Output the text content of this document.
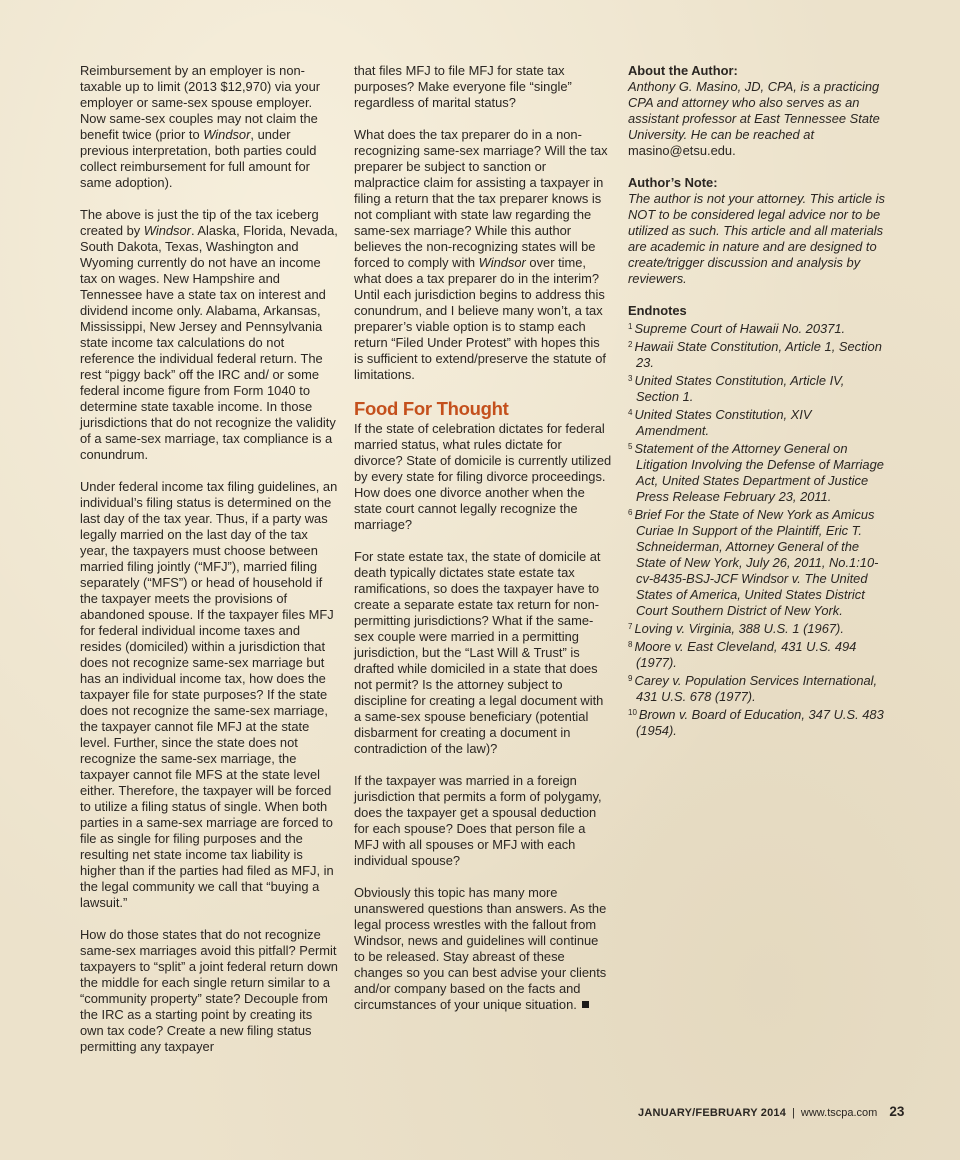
Reimbursement by an employer is non-taxable up to limit (2013 $12,970) via your employer or same-sex spouse employer. Now same-sex couples may not claim the benefit twice (prior to Windsor, under previous interpretation, both parties could collect reimbursement for full amount for same adoption).

The above is just the tip of the tax iceberg created by Windsor. Alaska, Florida, Nevada, South Dakota, Texas, Washington and Wyoming currently do not have an income tax on wages. New Hampshire and Tennessee have a state tax on interest and dividend income only. Alabama, Arkansas, Mississippi, New Jersey and Pennsylvania state income tax calculations do not reference the individual federal return. The rest “piggy back” off the IRC and/ or some federal income figure from Form 1040 to determine state taxable income. In those jurisdictions that do not recognize the validity of a same-sex marriage, tax compliance is a conundrum.

Under federal income tax filing guidelines, an individual’s filing status is determined on the last day of the tax year. Thus, if a party was legally married on the last day of the tax year, the taxpayers must choose between married filing jointly (“MFJ”), married filing separately (“MFS”) or head of household if the taxpayer meets the provisions of abandoned spouse. If the taxpayer files MFJ for federal individual income taxes and resides (domiciled) within a jurisdiction that does not recognize same-sex marriage but has an individual income tax, how does the taxpayer file for state purposes? If the state does not recognize the same-sex marriage, the taxpayer cannot file MFJ at the state level. Further, since the state does not recognize the same-sex marriage, the taxpayer cannot file MFS at the state level either. Therefore, the taxpayer will be forced to utilize a filing status of single. When both parties in a same-sex marriage are forced to file as single for filing purposes and the resulting net state income tax liability is higher than if the parties had filed as MFJ, in the legal community we call that “buying a lawsuit.”

How do those states that do not recognize same-sex marriages avoid this pitfall? Permit taxpayers to “split” a joint federal return down the middle for each single return similar to a “community property” state? Decouple from the IRC as a starting point by creating its own tax code? Create a new filing status permitting any taxpayer

that files MFJ to file MFJ for state tax purposes? Make everyone file “single” regardless of marital status?

What does the tax preparer do in a non-recognizing same-sex marriage? Will the tax preparer be subject to sanction or malpractice claim for assisting a taxpayer in filing a return that the tax preparer knows is not compliant with state law regarding the same-sex marriage? While this author believes the non-recognizing states will be forced to comply with Windsor over time, what does a tax preparer do in the interim? Until each jurisdiction begins to address this conundrum, and I believe many won’t, a tax preparer’s viable option is to stamp each return “Filed Under Protest” with hopes this is sufficient to extend/preserve the statute of limitations.

Food For Thought

If the state of celebration dictates for federal married status, what rules dictate for divorce? State of domicile is currently utilized by every state for filing divorce proceedings. How does one divorce another when the state court cannot legally recognize the marriage?

For state estate tax, the state of domicile at death typically dictates state estate tax ramifications, so does the taxpayer have to create a separate estate tax return for non-permitting jurisdictions? What if the same-sex couple were married in a permitting jurisdiction, but the “Last Will & Trust” is drafted while domiciled in a state that does not permit? Is the attorney subject to discipline for creating a legal document with a same-sex spouse beneficiary (potential disbarment for creating a document in contradiction of the law)?

If the taxpayer was married in a foreign jurisdiction that permits a form of polygamy, does the taxpayer get a spousal deduction for each spouse? Does that person file a MFJ with all spouses or MFJ with each individual spouse?

Obviously this topic has many more unanswered questions than answers. As the legal process wrestles with the fallout from Windsor, news and guidelines will continue to be released. Stay abreast of these changes so you can best advise your clients and/or company based on the facts and circumstances of your unique situation.

About the Author:

Anthony G. Masino, JD, CPA, is a practicing CPA and attorney who also serves as an assistant professor at East Tennessee State University. He can be reached at masino@etsu.edu.

Author’s Note:

The author is not your attorney. This article is NOT to be considered legal advice nor to be utilized as such. This article and all materials are academic in nature and are designed to create/trigger discussion and analysis by reviewers.

Endnotes
$^1$ Supreme Court of Hawaii No. 20371.
$^2$ Hawaii State Constitution, Article 1, Section 23.
$^3$ United States Constitution, Article IV, Section 1.
$^4$ United States Constitution, XIV Amendment.
$^5$ Statement of the Attorney General on Litigation Involving the Defense of Marriage Act, United States Department of Justice Press Release February 23, 2011.
$^6$ Brief For the State of New York as Amicus Curiae In Support of the Plaintiff, Eric T. Schneiderman, Attorney General of the State of New York, July 26, 2011, No.1:10-cv-8435-BSJ-JCF Windsor v. The United States of America, United States District Court Southern District of New York.
$^7$ Loving v. Virginia, 388 U.S. 1 (1967).
$^8$ Moore v. East Cleveland, 431 U.S. 494 (1977).
$^9$ Carey v. Population Services International, 431 U.S. 678 (1977).
$^{10}$ Brown v. Board of Education, 347 U.S. 483 (1954).
JANUARY/FEBRUARY 2014 | www.tscpa.com 23
